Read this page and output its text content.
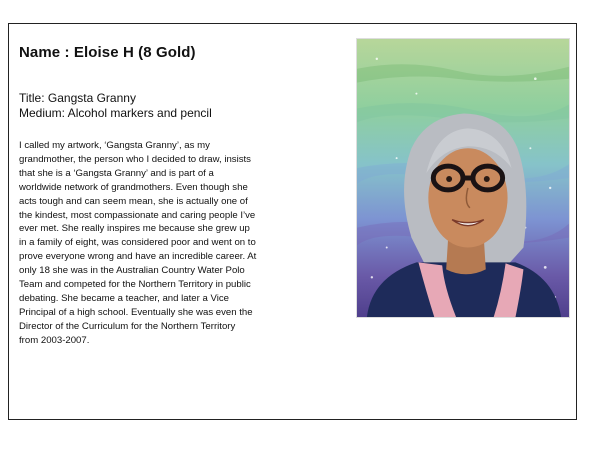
Name : Eloise H (8 Gold)
Title: Gangsta Granny
Medium: Alcohol markers and pencil

I called my artwork, ‘Gangsta Granny’, as my grandmother, the person who I decided to draw, insists that she is a ‘Gangsta Granny’ and is part of a worldwide network of grandmothers. Even though she acts tough and can seem mean, she is actually one of the kindest, most compassionate and caring people I’ve ever met. She really inspires me because she grew up in a family of eight, was considered poor and went on to prove everyone wrong and have an incredible career. At only 18 she was in the Australian Country Water Polo Team and competed for the Northern Territory in public debating. She became a teacher, and later a Vice Principal of a high school. Eventually she was even the Director of the Curriculum for the Northern Territory from 2003-2007.
